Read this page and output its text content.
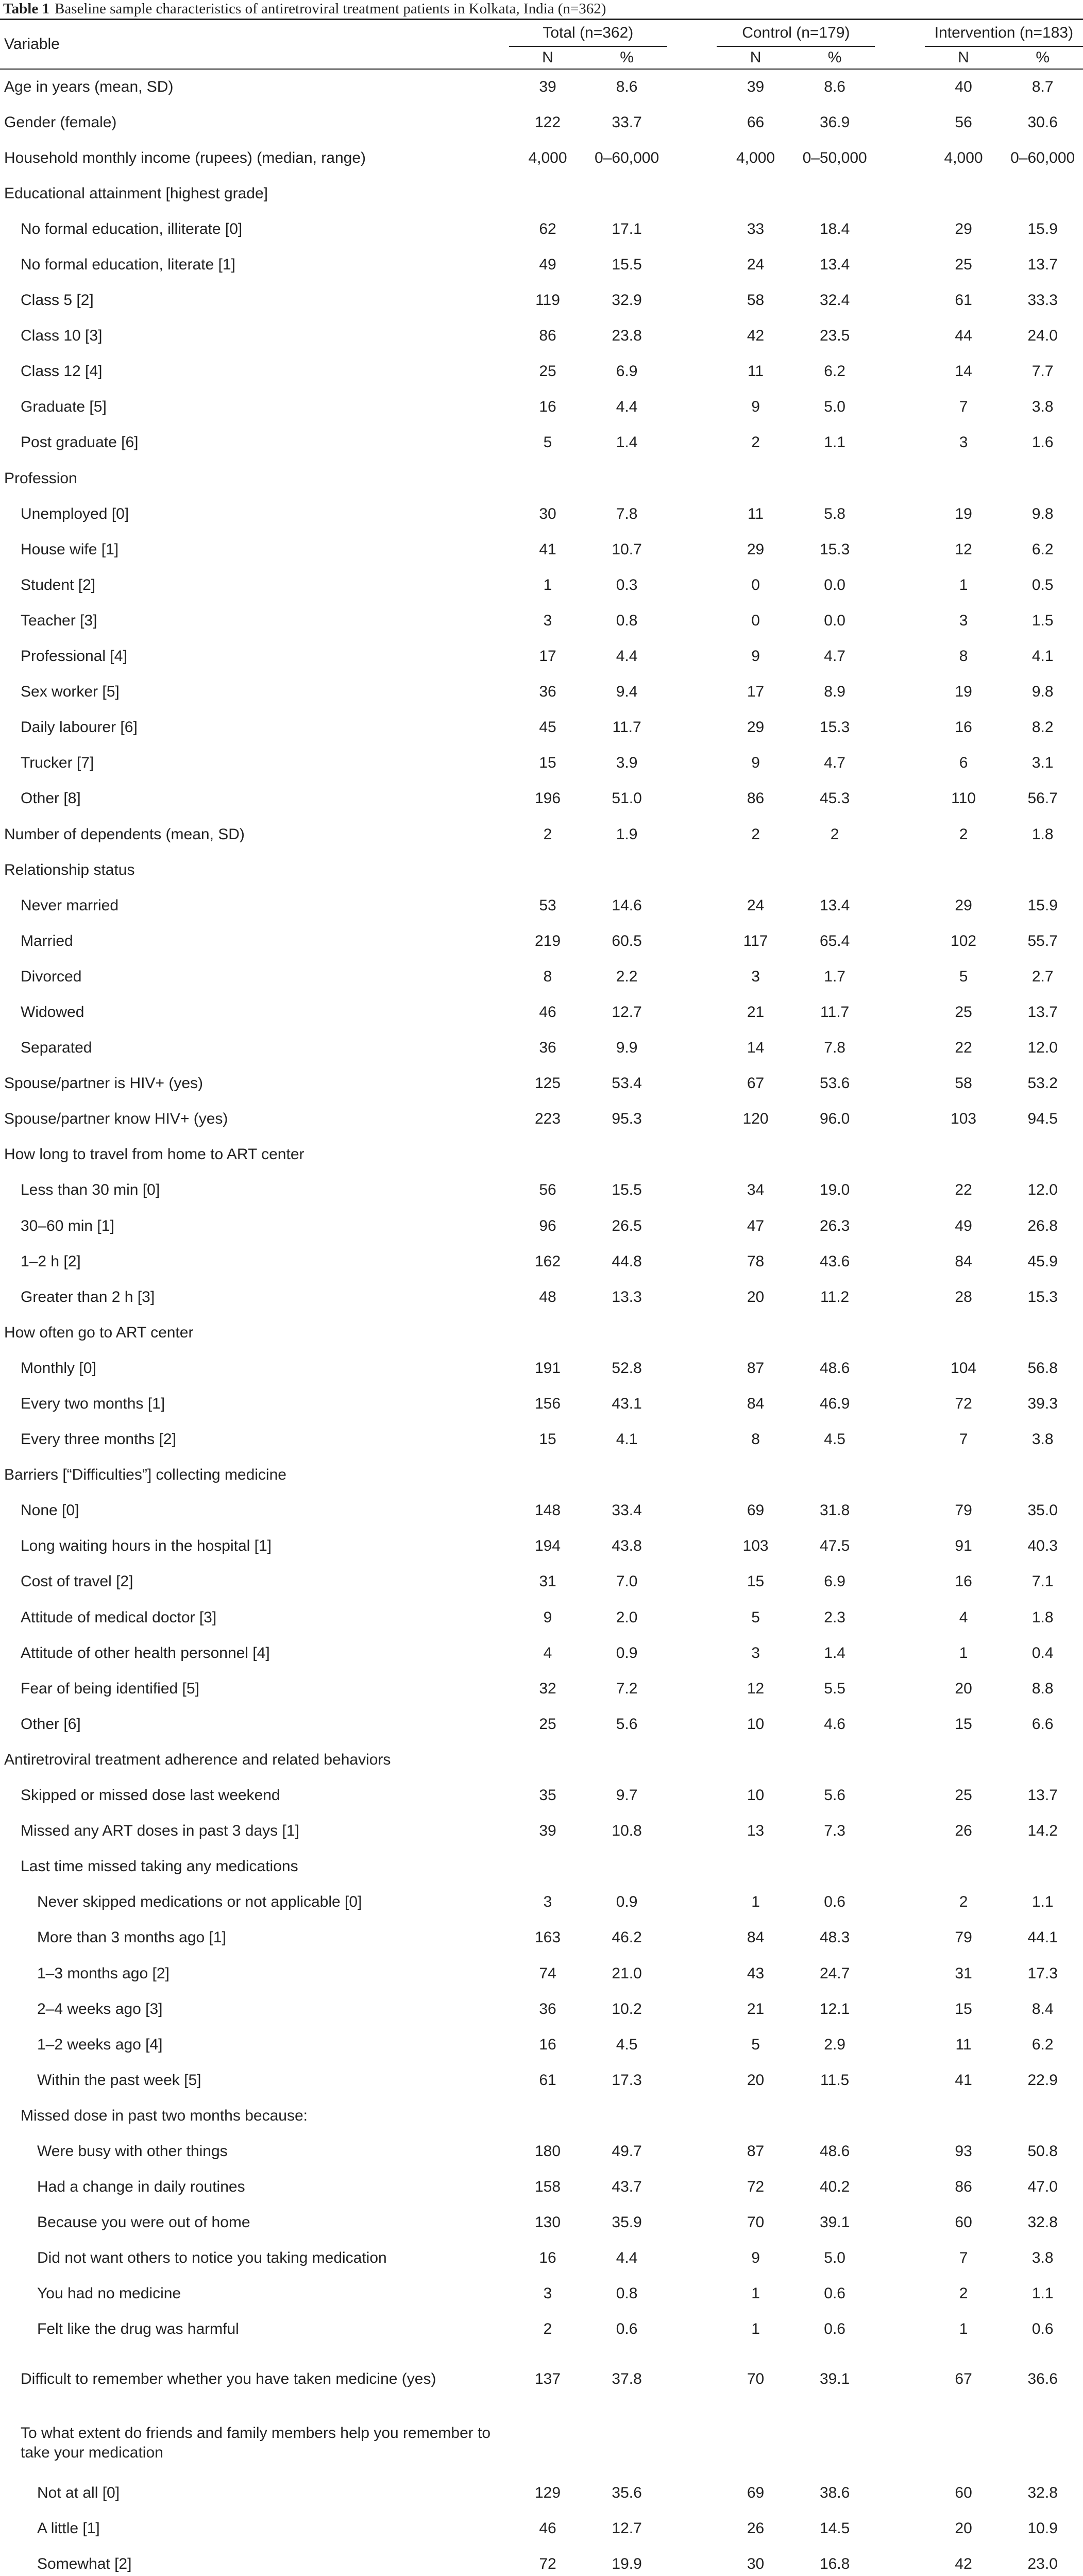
Table 1 Baseline sample characteristics of antiretroviral treatment patients in Kolkata, India (n=362)
Variable	Total (n=362)			Control (n=179)			Intervention (n=183)	
	N	%		N	%		N	%
Age in years (mean, SD)	39	8.6		39	8.6		40	8.7
Gender (female)	122	33.7		66	36.9		56	30.6
Household monthly income (rupees) (median, range)	4,000	0–60,000		4,000	0–50,000		4,000	0–60,000
Educational attainment [highest grade]								
No formal education, illiterate [0]	62	17.1		33	18.4		29	15.9
No formal education, literate [1]	49	15.5		24	13.4		25	13.7
Class 5 [2]	119	32.9		58	32.4		61	33.3
Class 10 [3]	86	23.8		42	23.5		44	24.0
Class 12 [4]	25	6.9		11	6.2		14	7.7
Graduate [5]	16	4.4		9	5.0		7	3.8
Post graduate [6]	5	1.4		2	1.1		3	1.6
Profession								
Unemployed [0]	30	7.8		11	5.8		19	9.8
House wife [1]	41	10.7		29	15.3		12	6.2
Student [2]	1	0.3		0	0.0		1	0.5
Teacher [3]	3	0.8		0	0.0		3	1.5
Professional [4]	17	4.4		9	4.7		8	4.1
Sex worker [5]	36	9.4		17	8.9		19	9.8
Daily labourer [6]	45	11.7		29	15.3		16	8.2
Trucker [7]	15	3.9		9	4.7		6	3.1
Other [8]	196	51.0		86	45.3		110	56.7
Number of dependents (mean, SD)	2	1.9		2	2		2	1.8
Relationship status								
Never married	53	14.6		24	13.4		29	15.9
Married	219	60.5		117	65.4		102	55.7
Divorced	8	2.2		3	1.7		5	2.7
Widowed	46	12.7		21	11.7		25	13.7
Separated	36	9.9		14	7.8		22	12.0
Spouse/partner is HIV+ (yes)	125	53.4		67	53.6		58	53.2
Spouse/partner know HIV+ (yes)	223	95.3		120	96.0		103	94.5
How long to travel from home to ART center								
Less than 30 min [0]	56	15.5		34	19.0		22	12.0
30–60 min [1]	96	26.5		47	26.3		49	26.8
1–2 h [2]	162	44.8		78	43.6		84	45.9
Greater than 2 h [3]	48	13.3		20	11.2		28	15.3
How often go to ART center								
Monthly [0]	191	52.8		87	48.6		104	56.8
Every two months [1]	156	43.1		84	46.9		72	39.3
Every three months [2]	15	4.1		8	4.5		7	3.8
Barriers [“Difficulties”] collecting medicine								
None [0]	148	33.4		69	31.8		79	35.0
Long waiting hours in the hospital [1]	194	43.8		103	47.5		91	40.3
Cost of travel [2]	31	7.0		15	6.9		16	7.1
Attitude of medical doctor [3]	9	2.0		5	2.3		4	1.8
Attitude of other health personnel [4]	4	0.9		3	1.4		1	0.4
Fear of being identified [5]	32	7.2		12	5.5		20	8.8
Other [6]	25	5.6		10	4.6		15	6.6
Antiretroviral treatment adherence and related behaviors								
Skipped or missed dose last weekend	35	9.7		10	5.6		25	13.7
Missed any ART doses in past 3 days [1]	39	10.8		13	7.3		26	14.2
Last time missed taking any medications								
Never skipped medications or not applicable [0]	3	0.9		1	0.6		2	1.1
More than 3 months ago [1]	163	46.2		84	48.3		79	44.1
1–3 months ago [2]	74	21.0		43	24.7		31	17.3
2–4 weeks ago [3]	36	10.2		21	12.1		15	8.4
1–2 weeks ago [4]	16	4.5		5	2.9		11	6.2
Within the past week [5]	61	17.3		20	11.5		41	22.9
Missed dose in past two months because:								
Were busy with other things	180	49.7		87	48.6		93	50.8
Had a change in daily routines	158	43.7		72	40.2		86	47.0
Because you were out of home	130	35.9		70	39.1		60	32.8
Did not want others to notice you taking medication	16	4.4		9	5.0		7	3.8
You had no medicine	3	0.8		1	0.6		2	1.1
Felt like the drug was harmful	2	0.6		1	0.6		1	0.6
Difficult to remember whether you have taken medicine (yes)	137	37.8		70	39.1		67	36.6
To what extent do friends and family members help you remember to take your medication								
Not at all [0]	129	35.6		69	38.6		60	32.8
A little [1]	46	12.7		26	14.5		20	10.9
Somewhat [2]	72	19.9		30	16.8		42	23.0
